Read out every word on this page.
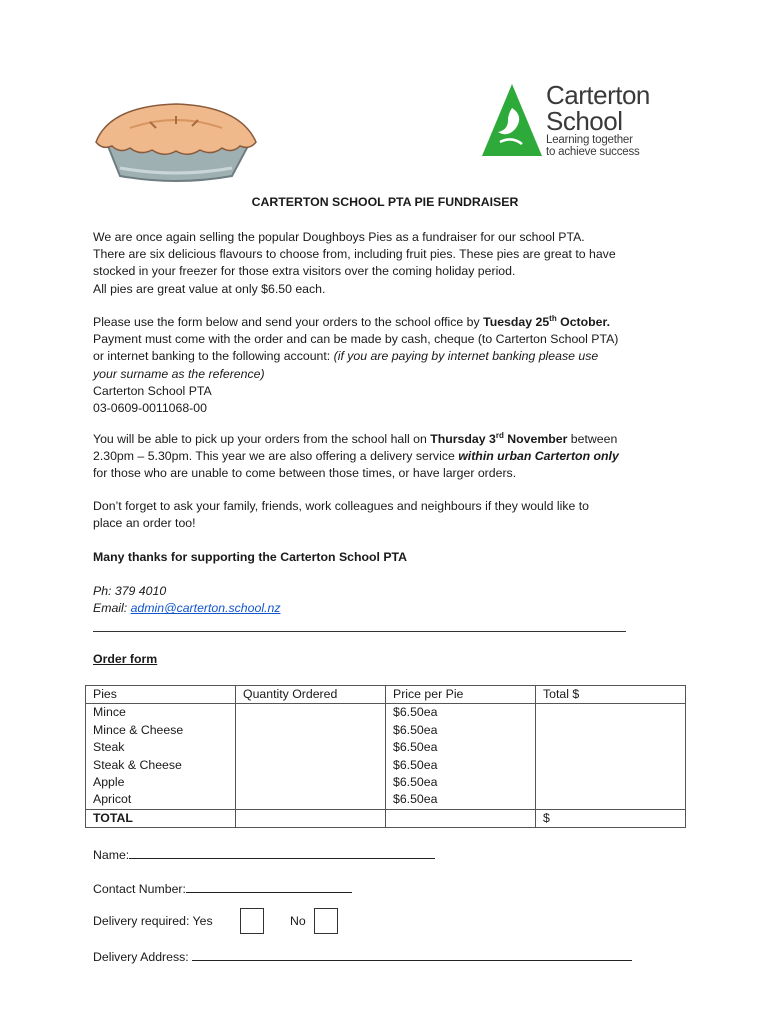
Carterton
School
Learning together
to achieve success
CARTERTON SCHOOL PTA PIE FUNDRAISER

We are once again selling the popular Doughboys Pies as a fundraiser for our school PTA.

There are six delicious flavours to choose from, including fruit pies. These pies are great to have

stocked in your freezer for those extra visitors over the coming holiday period.

All pies are great value at only $6.50 each.

Please use the form below and send your orders to the school office by Tuesday 25th October.

Payment must come with the order and can be made by cash, cheque (to Carterton School PTA)

or internet banking to the following account: (if you are paying by internet banking please use

your surname as the reference)

Carterton School PTA

03-0609-0011068-00

You will be able to pick up your orders from the school hall on Thursday 3rd November between

2.30pm – 5.30pm. This year we are also offering a delivery service within urban Carterton only

for those who are unable to come between those times, or have larger orders.

Don’t forget to ask your family, friends, work colleagues and neighbours if they would like to

place an order too!

Many thanks for supporting the Carterton School PTA

Ph: 379 4010

Email: admin@carterton.school.nz

Order form
Pies	Quantity Ordered	Price per Pie	Total $
Mince		$6.50ea	
Mince & Cheese		$6.50ea	
Steak		$6.50ea	
Steak & Cheese		$6.50ea	
Apple		$6.50ea	
Apricot		$6.50ea	
TOTAL			$
Name:
Contact Number:
Delivery required: Yes	No
Delivery Address:
